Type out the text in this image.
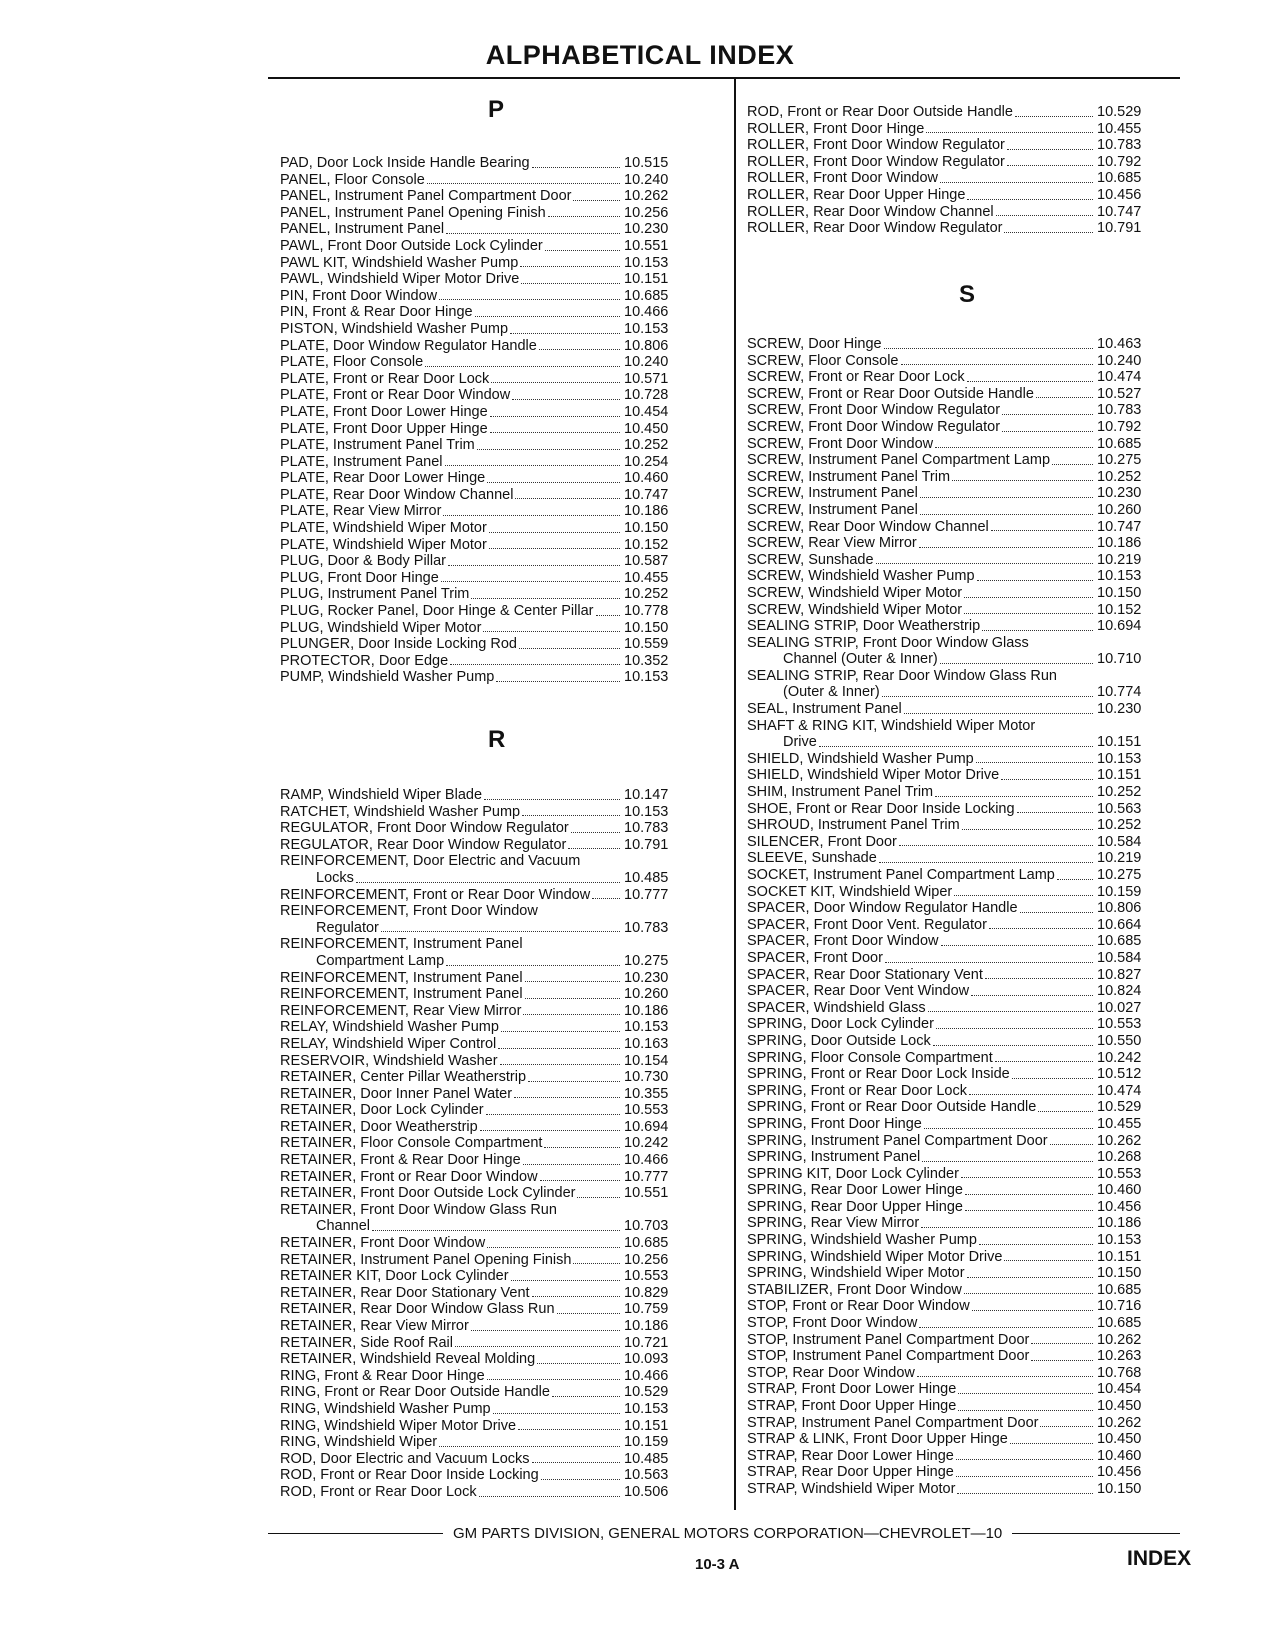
ALPHABETICAL INDEX
P
PAD, Door Lock Inside Handle Bearing	10.515
PANEL, Floor Console	10.240
PANEL, Instrument Panel Compartment Door	10.262
PANEL, Instrument Panel Opening Finish	10.256
PANEL, Instrument Panel	10.230
PAWL, Front Door Outside Lock Cylinder	10.551
PAWL KIT, Windshield Washer Pump	10.153
PAWL, Windshield Wiper Motor Drive	10.151
PIN, Front Door Window	10.685
PIN, Front & Rear Door Hinge	10.466
PISTON, Windshield Washer Pump	10.153
PLATE, Door Window Regulator Handle	10.806
PLATE, Floor Console	10.240
PLATE, Front or Rear Door Lock	10.571
PLATE, Front or Rear Door Window	10.728
PLATE, Front Door Lower Hinge	10.454
PLATE, Front Door Upper Hinge	10.450
PLATE, Instrument Panel Trim	10.252
PLATE, Instrument Panel	10.254
PLATE, Rear Door Lower Hinge	10.460
PLATE, Rear Door Window Channel	10.747
PLATE, Rear View Mirror	10.186
PLATE, Windshield Wiper Motor	10.150
PLATE, Windshield Wiper Motor	10.152
PLUG, Door & Body Pillar	10.587
PLUG, Front Door Hinge	10.455
PLUG, Instrument Panel Trim	10.252
PLUG, Rocker Panel, Door Hinge & Center Pillar 10.778
PLUG, Windshield Wiper Motor	10.150
PLUNGER, Door Inside Locking Rod	10.559
PROTECTOR, Door Edge	10.352
PUMP, Windshield Washer Pump	10.153
R
RAMP, Windshield Wiper Blade	10.147
RATCHET, Windshield Washer Pump	10.153
REGULATOR, Front Door Window Regulator	10.783
REGULATOR, Rear Door Window Regulator	10.791
REINFORCEMENT, Door Electric and Vacuum
Locks	10.485
REINFORCEMENT, Front or Rear Door Window 10.777
REINFORCEMENT, Front Door Window
Regulator	10.783
REINFORCEMENT, Instrument Panel
Compartment Lamp	10.275
REINFORCEMENT, Instrument Panel	10.230
REINFORCEMENT, Instrument Panel	10.260
REINFORCEMENT, Rear View Mirror	10.186
RELAY, Windshield Washer Pump	10.153
RELAY, Windshield Wiper Control	10.163
RESERVOIR, Windshield Washer	10.154
RETAINER, Center Pillar Weatherstrip	10.730
RETAINER, Door Inner Panel Water	10.355
RETAINER, Door Lock Cylinder	10.553
RETAINER, Door Weatherstrip	10.694
RETAINER, Floor Console Compartment	10.242
RETAINER, Front & Rear Door Hinge	10.466
RETAINER, Front or Rear Door Window	10.777
RETAINER, Front Door Outside Lock Cylinder	10.551
RETAINER, Front Door Window Glass Run
Channel	10.703
RETAINER, Front Door Window	10.685
RETAINER, Instrument Panel Opening Finish	10.256
RETAINER KIT, Door Lock Cylinder	10.553
RETAINER, Rear Door Stationary Vent	10.829
RETAINER, Rear Door Window Glass Run	10.759
RETAINER, Rear View Mirror	10.186
RETAINER, Side Roof Rail	10.721
RETAINER, Windshield Reveal Molding	10.093
RING, Front & Rear Door Hinge	10.466
RING, Front or Rear Door Outside Handle	10.529
RING, Windshield Washer Pump	10.153
RING, Windshield Wiper Motor Drive	10.151
RING, Windshield Wiper	10.159
ROD, Door Electric and Vacuum Locks	10.485
ROD, Front or Rear Door Inside Locking	10.563
ROD, Front or Rear Door Lock	10.506
ROD, Front or Rear Door Outside Handle	10.529
ROLLER, Front Door Hinge	10.455
ROLLER, Front Door Window Regulator	10.783
ROLLER, Front Door Window Regulator	10.792
ROLLER, Front Door Window	10.685
ROLLER, Rear Door Upper Hinge	10.456
ROLLER, Rear Door Window Channel	10.747
ROLLER, Rear Door Window Regulator	10.791
S
SCREW, Door Hinge	10.463
SCREW, Floor Console	10.240
SCREW, Front or Rear Door Lock	10.474
SCREW, Front or Rear Door Outside Handle	10.527
SCREW, Front Door Window Regulator	10.783
SCREW, Front Door Window Regulator	10.792
SCREW, Front Door Window	10.685
SCREW, Instrument Panel Compartment Lamp	10.275
SCREW, Instrument Panel Trim	10.252
SCREW, Instrument Panel	10.230
SCREW, Instrument Panel	10.260
SCREW, Rear Door Window Channel	10.747
SCREW, Rear View Mirror	10.186
SCREW, Sunshade	10.219
SCREW, Windshield Washer Pump	10.153
SCREW, Windshield Wiper Motor	10.150
SCREW, Windshield Wiper Motor	10.152
SEALING STRIP, Door Weatherstrip	10.694
SEALING STRIP, Front Door Window Glass
Channel (Outer & Inner)	10.710
SEALING STRIP, Rear Door Window Glass Run
(Outer & Inner)	10.774
SEAL, Instrument Panel	10.230
SHAFT & RING KIT, Windshield Wiper Motor
Drive	10.151
SHIELD, Windshield Washer Pump	10.153
SHIELD, Windshield Wiper Motor Drive	10.151
SHIM, Instrument Panel Trim	10.252
SHOE, Front or Rear Door Inside Locking	10.563
SHROUD, Instrument Panel Trim	10.252
SILENCER, Front Door	10.584
SLEEVE, Sunshade	10.219
SOCKET, Instrument Panel Compartment Lamp	10.275
SOCKET KIT, Windshield Wiper	10.159
SPACER, Door Window Regulator Handle	10.806
SPACER, Front Door Vent. Regulator	10.664
SPACER, Front Door Window	10.685
SPACER, Front Door	10.584
SPACER, Rear Door Stationary Vent	10.827
SPACER, Rear Door Vent Window	10.824
SPACER, Windshield Glass	10.027
SPRING, Door Lock Cylinder	10.553
SPRING, Door Outside Lock	10.550
SPRING, Floor Console Compartment	10.242
SPRING, Front or Rear Door Lock Inside	10.512
SPRING, Front or Rear Door Lock	10.474
SPRING, Front or Rear Door Outside Handle	10.529
SPRING, Front Door Hinge	10.455
SPRING, Instrument Panel Compartment Door	10.262
SPRING, Instrument Panel	10.268
SPRING KIT, Door Lock Cylinder	10.553
SPRING, Rear Door Lower Hinge	10.460
SPRING, Rear Door Upper Hinge	10.456
SPRING, Rear View Mirror	10.186
SPRING, Windshield Washer Pump	10.153
SPRING, Windshield Wiper Motor Drive	10.151
SPRING, Windshield Wiper Motor	10.150
STABILIZER, Front Door Window	10.685
STOP, Front or Rear Door Window	10.716
STOP, Front Door Window	10.685
STOP, Instrument Panel Compartment Door	10.262
STOP, Instrument Panel Compartment Door	10.263
STOP, Rear Door Window	10.768
STRAP, Front Door Lower Hinge	10.454
STRAP, Front Door Upper Hinge	10.450
STRAP, Instrument Panel Compartment Door	10.262
STRAP & LINK, Front Door Upper Hinge	10.450
STRAP, Rear Door Lower Hinge	10.460
STRAP, Rear Door Upper Hinge	10.456
STRAP, Windshield Wiper Motor	10.150
GM PARTS DIVISION, GENERAL MOTORS CORPORATION—CHEVROLET—10
10-3 A	INDEX
